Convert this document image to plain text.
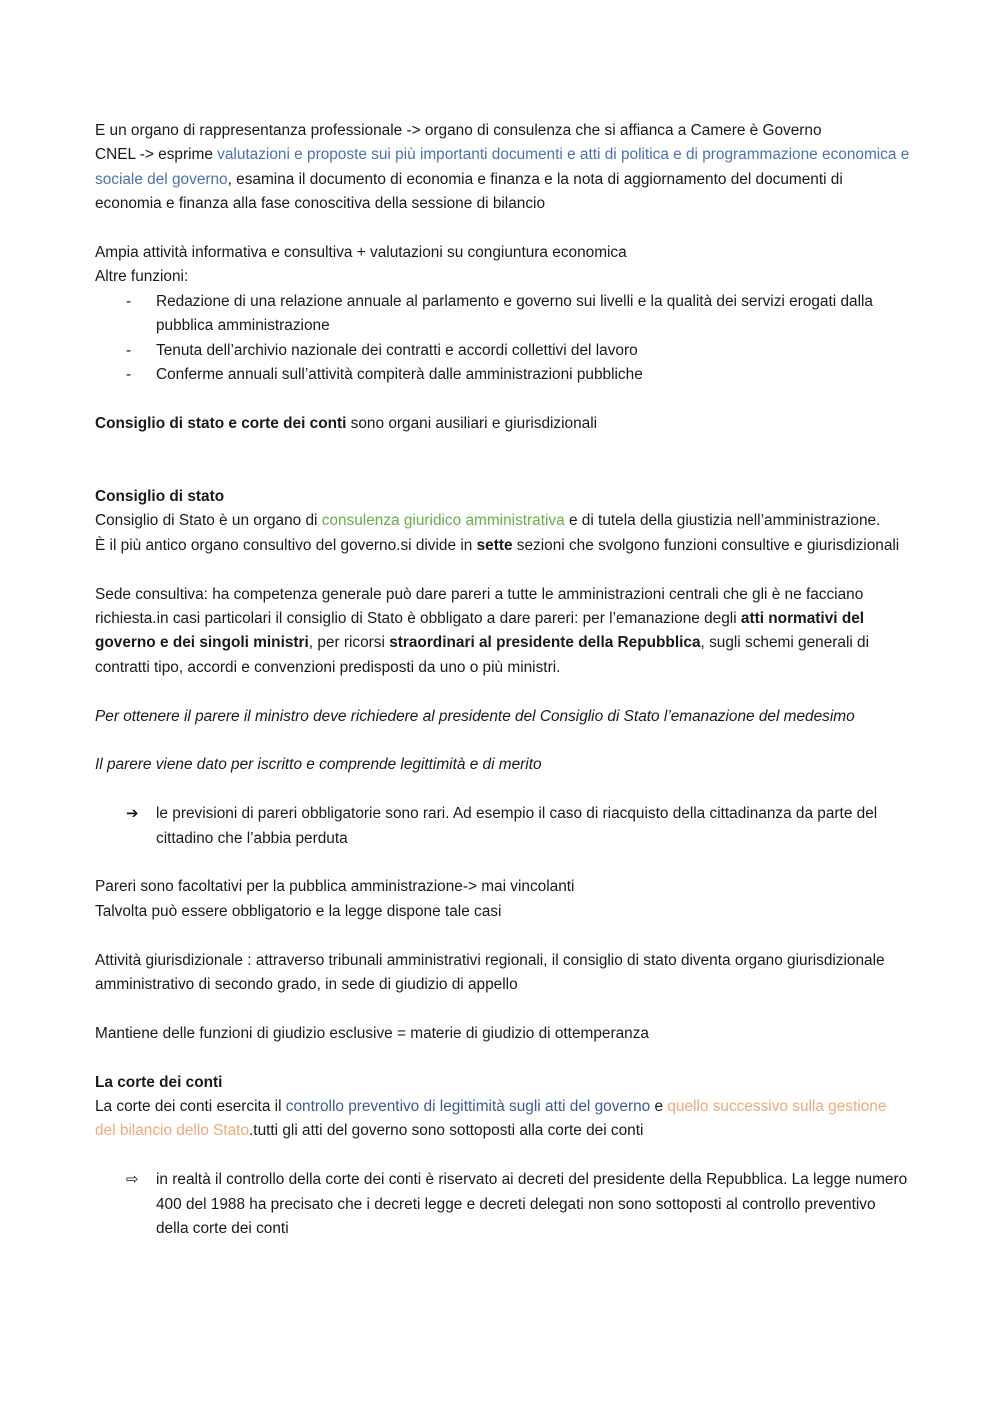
E un organo di rappresentanza professionale -> organo di consulenza che si affianca a Camere è Governo

CNEL -> esprime valutazioni e proposte sui più importanti documenti e atti di politica e di programmazione economica e sociale del governo, esamina il documento di economia e finanza e la nota di aggiornamento del documenti di economia e finanza alla fase conoscitiva della sessione di bilancio

Ampia attività informativa e consultiva + valutazioni su congiuntura economica

Altre funzioni:

- Redazione di una relazione annuale al parlamento e governo sui livelli e la qualità dei servizi erogati dalla pubblica amministrazione
- Tenuta dell’archivio nazionale dei contratti e accordi collettivi del lavoro
- Conferme annuali sull’attività compiterà dalle amministrazioni pubbliche

Consiglio di stato e corte dei conti sono organi ausiliari e giurisdizionali

Consiglio di stato

Consiglio di Stato è un organo di consulenza giuridico amministrativa e di tutela della giustizia nell’amministrazione.

È il più antico organo consultivo del governo.si divide in sette sezioni che svolgono funzioni consultive e giurisdizionali

Sede consultiva: ha competenza generale può dare pareri a tutte le amministrazioni centrali che gli è ne facciano richiesta.in casi particolari il consiglio di Stato è obbligato a dare pareri: per l’emanazione degli atti normativi del governo e dei singoli ministri, per ricorsi straordinari al presidente della Repubblica, sugli schemi generali di contratti tipo, accordi e convenzioni predisposti da uno o più ministri.

Per ottenere il parere il ministro deve richiedere al presidente del Consiglio di Stato l’emanazione del medesimo

Il parere viene dato per iscritto e comprende legittimità e di merito

➔ le previsioni di pareri obbligatorie sono rari. Ad esempio il caso di riacquisto della cittadinanza da parte del cittadino che l’abbia perduta

Pareri sono facoltativi per la pubblica amministrazione-> mai vincolanti

Talvolta può essere obbligatorio e la legge dispone tale casi

Attività giurisdizionale : attraverso tribunali amministrativi regionali, il consiglio di stato diventa organo giurisdizionale amministrativo di secondo grado, in sede di giudizio di appello

Mantiene delle funzioni di giudizio esclusive = materie di giudizio di ottemperanza

La corte dei conti

La corte dei conti esercita il controllo preventivo di legittimità sugli atti del governo e quello successivo sulla gestione del bilancio dello Stato.tutti gli atti del governo sono sottoposti alla corte dei conti

⇨ in realtà il controllo della corte dei conti è riservato ai decreti del presidente della Repubblica. La legge numero 400 del 1988 ha precisato che i decreti legge e decreti delegati non sono sottoposti al controllo preventivo della corte dei conti
